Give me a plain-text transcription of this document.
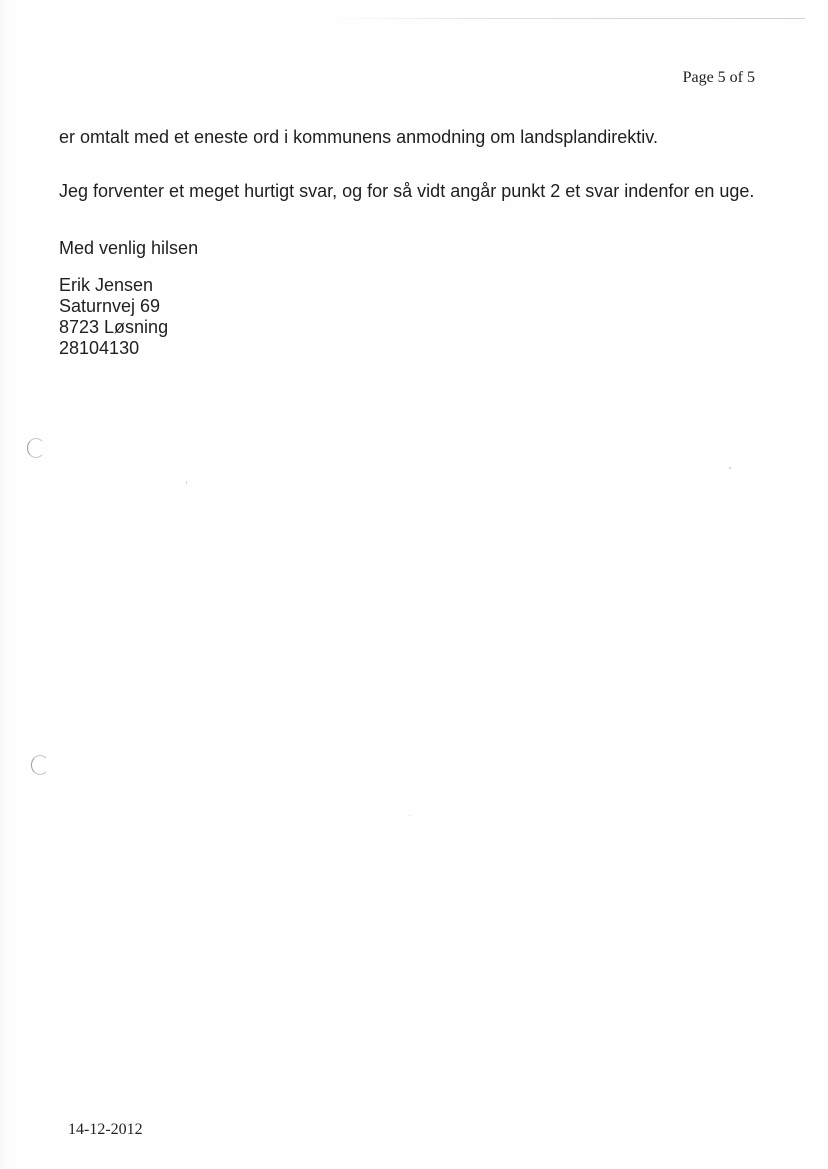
Page 5 of 5

er omtalt med et eneste ord i kommunens anmodning om landsplandirektiv.

Jeg forventer et meget hurtigt svar, og for så vidt angår punkt 2 et svar indenfor en uge.

Med venlig hilsen

Erik Jensen
Saturnvej 69
8723 Løsning
28104130
14-12-2012
